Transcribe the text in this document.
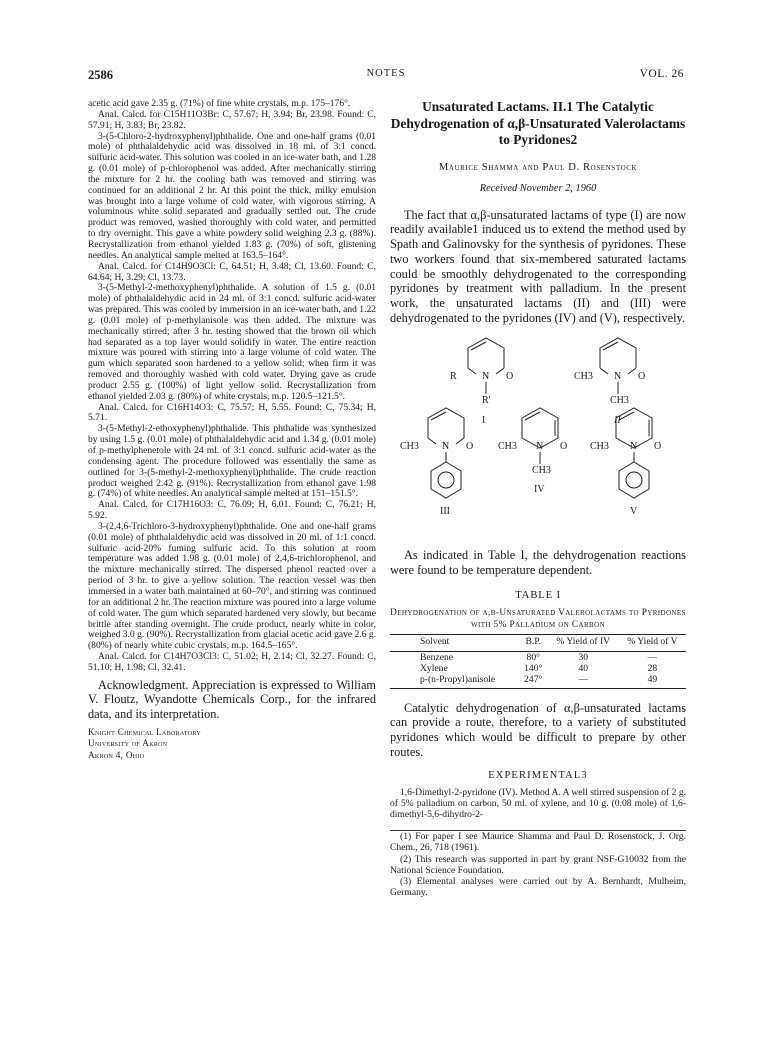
2586	NOTES	VOL. 26

acetic acid gave 2.35 g. (71%) of fine white crystals, m.p. 175–176°.

Anal. Calcd. for C15H11O3Br: C, 57.67; H, 3.94; Br, 23.98. Found: C, 57.91; H, 3.83; Br, 23.82.

3-(5-Chloro-2-hydroxyphenyl)phthalide. One and one-half grams (0.01 mole) of phthalaldehydic acid was dissolved in 18 ml. of 3:1 concd. sulfuric acid-water. This solution was cooled in an ice-water bath, and 1.28 g. (0.01 mole) of p-chlorophenol was added. After mechanically stirring the mixture for 2 hr. the cooling bath was removed and stirring was continued for an additional 2 hr. At this point the thick, milky emulsion was brought into a large volume of cold water, with vigorous stirring. A voluminous white solid separated and gradually settled out. The crude product was removed, washed thoroughly with cold water, and permitted to dry overnight. This gave a white powdery solid weighing 2.3 g. (88%). Recrystallization from ethanol yielded 1.83 g. (70%) of soft, glistening needles. An analytical sample melted at 163.5–164°.

Anal. Calcd. for C14H9O3Cl: C, 64.51; H, 3.48; Cl, 13.60. Found: C, 64.64; H, 3.29; Cl, 13.73.

3-(5-Methyl-2-methoxyphenyl)phthalide. A solution of 1.5 g. (0.01 mole) of phthalaldehydic acid in 24 ml. of 3:1 concd. sulfuric acid-water was prepared. This was cooled by immersion in an ice-water bath, and 1.22 g. (0.01 mole) of p-methylanisole was then added. The mixture was mechanically stirred; after 3 hr. testing showed that the brown oil which had separated as a top layer would solidify in water. The entire reaction mixture was poured with stirring into a large volume of cold water. The gum which separated soon hardened to a yellow solid; when firm it was removed and thoroughly washed with cold water. Drying gave as crude product 2.55 g. (100%) of light yellow solid. Recrystallization from ethanol yielded 2.03 g. (80%) of white crystals, m.p. 120.5–121.5°.

Anal. Calcd. for C16H14O3: C, 75.57; H, 5.55. Found: C, 75.34; H, 5.71.

3-(5-Methyl-2-ethoxyphenyl)phthalide. This phthalide was synthesized by using 1.5 g. (0.01 mole) of phthalaldehydic acid and 1.34 g. (0.01 mole) of p-methylphenetole with 24 ml. of 3:1 concd. sulfuric acid-water as the condensing agent. The procedure followed was essentially the same as outlined for 3-(5-methyl-2-methoxyphenyl)phthalide. The crude reaction product weighed 2.42 g. (91%). Recrystallization from ethanol gave 1.98 g. (74%) of white needles. An analytical sample melted at 151–151.5°.

Anal. Calcd. for C17H16O3: C, 76.09; H, 6.01. Found: C, 76.21; H, 5.92.

3-(2,4,6-Trichloro-3-hydroxyphenyl)phthalide. One and one-half grams (0.01 mole) of phthalaldehydic acid was dissolved in 20 ml. of 1:1 concd. sulfuric acid-20% fuming sulfuric acid. To this solution at room temperature was added 1.98 g. (0.01 mole) of 2,4,6-trichlorophenol, and the mixture mechanically stirred. The dispersed phenol reacted over a period of 3 hr. to give a yellow solution. The reaction vessel was then immersed in a water bath maintained at 60–70°, and stirring was continued for an additional 2 hr. The reaction mixture was poured into a large volume of cold water. The gum which separated hardened very slowly, but became brittle after standing overnight. The crude product, nearly white in color, weighed 3.0 g. (90%). Recrystallization from glacial acetic acid gave 2.6 g. (80%) of nearly white cubic crystals, m.p. 164.5–165°.

Anal. Calcd. for C14H7O3Cl3: C, 51.02; H, 2.14; Cl, 32.27. Found: C, 51.10; H, 1.98; Cl, 32.41.

Acknowledgment. Appreciation is expressed to William V. Floutz, Wyandotte Chemicals Corp., for the infrared data, and its interpretation.

Knight Chemical Laboratory
University of Akron
Akron 4, Ohio

Unsaturated Lactams. II.1 The Catalytic Dehydrogenation of α,β-Unsaturated Valerolactams to Pyridones2

Maurice Shamma and Paul D. Rosenstock
Received November 2, 1960

The fact that α,β-unsaturated lactams of type (I) are now readily available1 induced us to extend the method used by Spath and Galinovsky for the synthesis of pyridones. These two workers found that six-membered saturated lactams could be smoothly dehydrogenated to the corresponding pyridones by treatment with palladium. In the present work, the unsaturated lactams (II) and (III) were dehydrogenated to the pyridones (IV) and (V), respectively.

R	N O
R'
I
CH3 N O
CH3
II
CH3 N O
III
CH3 N O
CH3
IV
CH3 N O
V

As indicated in Table I, the dehydrogenation reactions were found to be temperature dependent.

TABLE I
Dehydrogenation of α,β-Unsaturated Valerolactams to Pyridones with 5% Palladium on Carbon
Solvent	B.P.	% Yield of IV	% Yield of V
Benzene	80°	30	—
Xylene	140°	40	28
p-(n-Propyl)anisole	247°	—	49

Catalytic dehydrogenation of α,β-unsaturated lactams can provide a route, therefore, to a variety of substituted pyridones which would be difficult to prepare by other routes.

EXPERIMENTAL3

1,6-Dimethyl-2-pyridone (IV). Method A. A well stirred suspension of 2 g. of 5% palladium on carbon, 50 ml. of xylene, and 10 g. (0.08 mole) of 1,6-dimethyl-5,6-dihydro-2-

(1) For paper I see Maurice Shamma and Paul D. Rosenstock, J. Org. Chem., 26, 718 (1961).

(2) This research was supported in part by grant NSF-G10032 from the National Science Foundation.

(3) Elemental analyses were carried out by A. Bernhardt, Mulheim, Germany.
